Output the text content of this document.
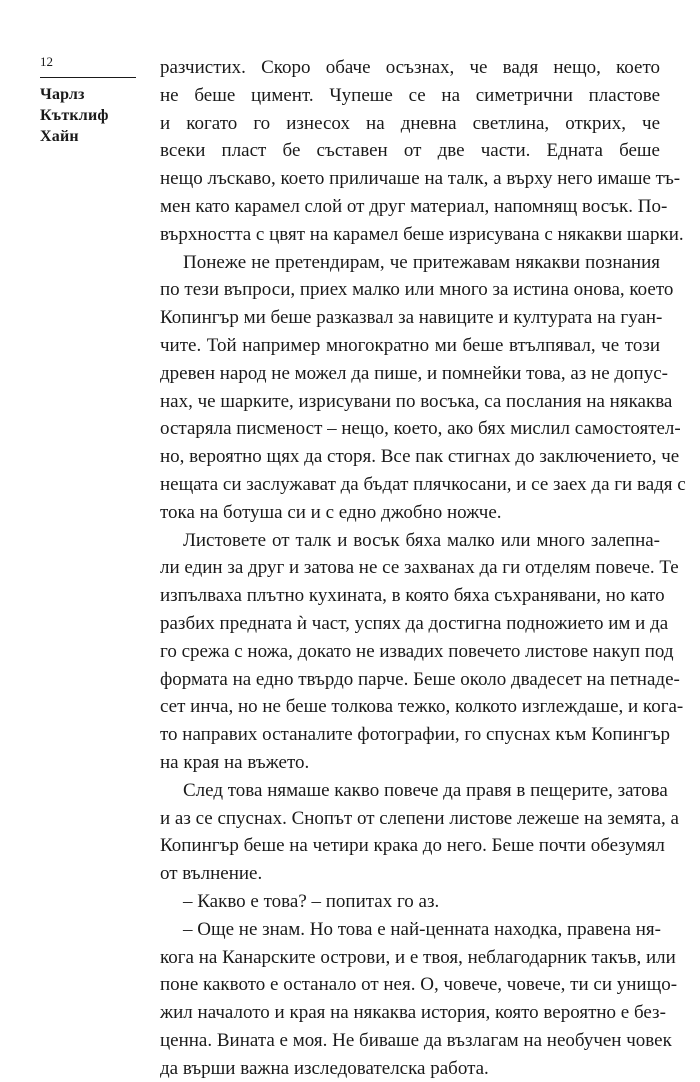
12
Чарлз Кътклиф
Хайн

разчистих. Скоро обаче осъзнах, че вадя нещо, което
не беше цимент. Чупеше се на симетрични пластове
и когато го изнесох на дневна светлина, открих, че
всеки пласт бе съставен от две части. Едната беше
нещо лъскаво, което приличаше на талк, а върху него имаше тъ-
мен като карамел слой от друг материал, напомнящ восък. По-
върхността с цвят на карамел беше изрисувана с някакви шарки.

Понеже не претендирам, че притежавам някакви познания
по тези въпроси, приех малко или много за истина онова, което
Копингър ми беше разказвал за навиците и културата на гуан-
чите. Той например многократно ми беше втълпявал, че този
древен народ не можел да пише, и помнейки това, аз не допус-
нах, че шарките, изрисувани по восъка, са послания на някаква
остаряла писменост – нещо, което, ако бях мислил самостоятел-
но, вероятно щях да сторя. Все пак стигнах до заключението, че
нещата си заслужават да бъдат плячкосани, и се заех да ги вадя с
тока на ботуша си и с едно джобно ножче.

Листовете от талк и восък бяха малко или много залепна-
ли един за друг и затова не се захванах да ги отделям повече. Те
изпълваха плътно кухината, в която бяха съхранявани, но като
разбих предната ѝ част, успях да достигна подножието им и да
го срежа с ножа, докато не извадих повечето листове накуп под
формата на едно твърдо парче. Беше около двадесет на петнаде-
сет инча, но не беше толкова тежко, колкото изглеждаше, и кога-
то направих останалите фотографии, го спуснах към Копингър
на края на въжето.

След това нямаше какво повече да правя в пещерите, затова
и аз се спуснах. Снопът от слепени листове лежеше на земята, а
Копингър беше на четири крака до него. Беше почти обезумял
от вълнение.

– Какво е това? – попитах го аз.

– Още не знам. Но това е най-ценната находка, правена ня-
кога на Канарските острови, и е твоя, неблагодарник такъв, или
поне каквото е останало от нея. О, човече, човече, ти си унищо-
жил началото и края на някаква история, която вероятно е без-
ценна. Вината е моя. Не биваше да възлагам на необучен човек
да върши важна изследователска работа.
